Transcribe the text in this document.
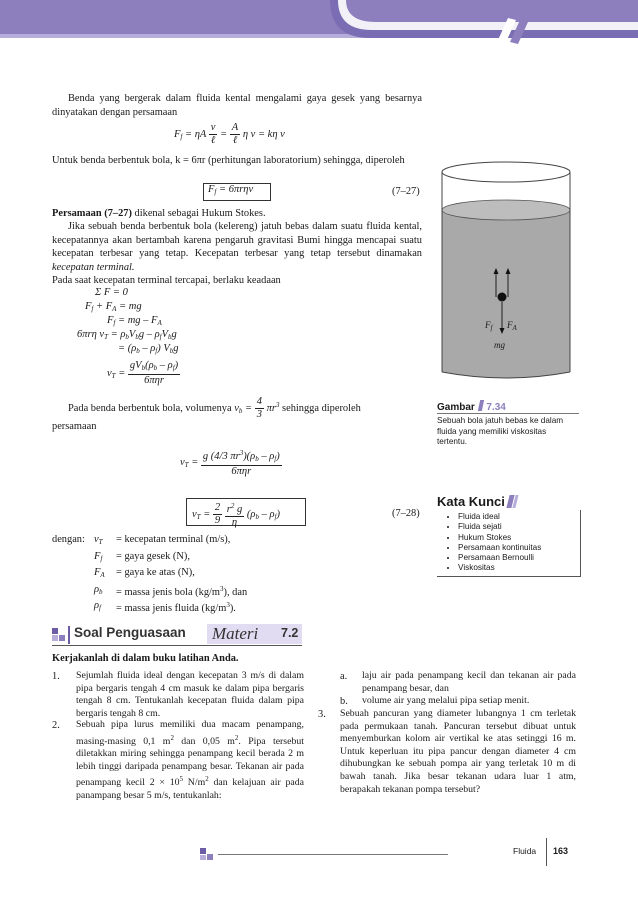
Benda yang bergerak dalam fluida kental mengalami gaya gesek yang besarnya dinyatakan dengan persamaan

$F_f = \eta A \frac{v}{\text{ℓ}} = \frac{A}{\text{ℓ}}$ η v = kη v

Untuk benda berbentuk bola, k = 6πr (perhitungan laboratorium) sehingga, diperoleh

$F_f = 6\pi r\eta v$	(7–27)

Persamaan (7–27) dikenal sebagai Hukum Stokes.

Jika sebuah benda berbentuk bola (kelereng) jatuh bebas dalam suatu fluida kental, kecepatannya akan bertambah karena pengaruh gravitasi Bumi hingga mencapai suatu kecepatan terbesar yang tetap. Kecepatan terbesar yang tetap tersebut dinamakan kecepatan terminal.

Pada saat kecepatan terminal tercapai, berlaku keadaan

Σ F = 0
$F_f + F_A$ = mg
$F_f$ = mg – $F_A$
6πrη $v_T = \rho_bV_bg - \rho_fV_bg$
= $(\rho_b - \rho_f)$ $V_bg$
$v_T = \frac{gV_b(\rho_b - \rho_f)}{\text{6πηr}}$
Pada benda berbentuk bola, volumenya $v_b = \frac{4}{3} \pi r^3$ sehingga diperoleh

persamaan

$v_T = \frac{g (4/3 \pi r^3)(\rho_b - \rho_f)}{\text{6πηr}}$
$v_T = \frac{2}{9}$
$\frac{r^2 g}{\eta} (\rho_b - \rho_f)$	(7–28)
dengan: $v_T$	= kecepatan terminal (m/s),
$F_f$	= gaya gesek (N),
$F_A$	= gaya ke atas (N),
$\rho_b$	= massa jenis bola $(kg/m^3)$, dan
$\rho_f$	= massa jenis fluida $(kg/m^3)$.
$F_f$ $F_A$
mg
Gambar 7.34

Sebuah bola jatuh bebas ke dalam fluida yang memiliki viskositas tertentu.

Kata Kunci
• Fluida ideal
• Fluida sejati
• Hukum Stokes
• Persamaan kontinuitas
• Persamaan Bernoulli
• Viskositas
Soal Penguasaan Materi 7.2

Kerjakanlah di dalam buku latihan Anda.

1. Sejumlah fluida ideal dengan kecepatan 3 m/s di dalam pipa bergaris tengah 4 cm masuk ke dalam pipa bergaris tengah 8 cm. Tentukanlah kecepatan fluida dalam pipa bergaris tengah 8 cm.

2. Sebuah pipa lurus memiliki dua macam penampang, masing-masing 0,1 $m^2$ dan 0,05 $m^2$. Pipa tersebut diletakkan miring sehingga penampang kecil berada 2 m lebih tinggi daripada penampang besar. Tekanan air pada penampang kecil $2 \times 10^5$ $N/m^2$ dan kelajuan air pada panampang besar 5 m/s, tentukanlah:

a. laju air pada penampang kecil dan tekanan air pada penampang besar, dan

b. volume air yang melalui pipa setiap menit.

3. Sebuah pancuran yang diameter lubangnya 1 cm terletak pada permukaan tanah. Pancuran tersebut dibuat untuk menyemburkan kolom air vertikal ke atas setinggi 16 m. Untuk keperluan itu pipa pancur dengan diameter 4 cm dihubungkan ke sebuah pompa air yang terletak 10 m di bawah tanah. Jika besar tekanan udara luar 1 atm, berapakah tekanan pompa tersebut?

Fluida 163
